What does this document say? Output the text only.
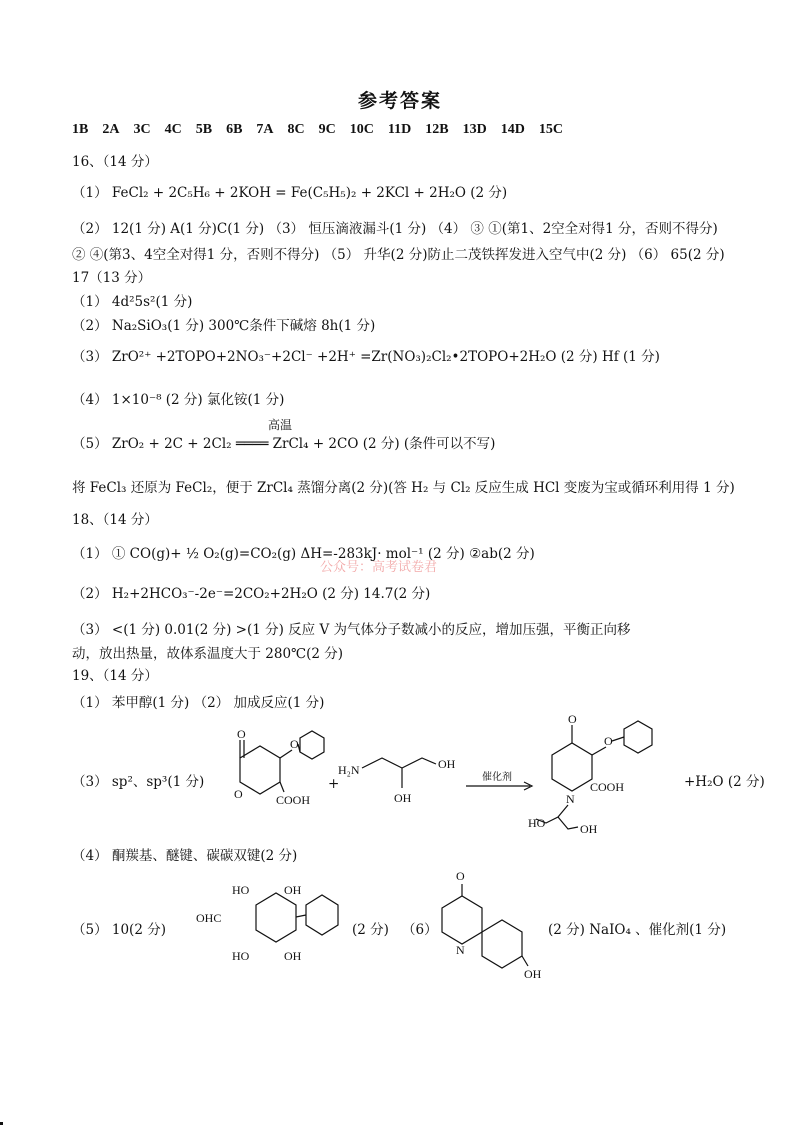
参考答案
1B 2A 3C 4C 5B 6B 7A 8C 9C 10C 11D 12B 13D 14D 15C
16、（14 分）
（1） FeCl₂ + 2C₅H₆ + 2KOH = Fe(C₅H₅)₂ + 2KCl + 2H₂O (2 分)
（2） 12(1 分) A(1 分)C(1 分) （3） 恒压滴液漏斗(1 分) （4） ③ ①(第1、2空全对得1 分，否则不得分)
② ④(第3、4空全对得1 分，否则不得分) （5） 升华(2 分)防止二茂铁挥发进入空气中(2 分) （6） 65(2 分)
17（13 分）
（1） 4d²5s²(1 分)
（2） Na₂SiO₃(1 分) 300℃条件下碱熔 8h(1 分)
（3） ZrO²⁺ +2TOPO+2NO₃⁻+2Cl⁻ +2H⁺ =Zr(NO₃)₂Cl₂•2TOPO+2H₂O (2 分) Hf (1 分)
（4） 1×10⁻⁸ (2 分) 氯化铵(1 分)
高温
（5） ZrO₂ + 2C + 2Cl₂ ════ ZrCl₄ + 2CO (2 分) (条件可以不写)
将 FeCl₃ 还原为 FeCl₂，便于 ZrCl₄ 蒸馏分离(2 分)(答 H₂ 与 Cl₂ 反应生成 HCl 变废为宝或循环利用得 1 分)
18、（14 分）
（1） ① CO(g)+ ½ O₂(g)=CO₂(g) ΔH=-283kJ· mol⁻¹ (2 分) ②ab(2 分)
公众号：高考试卷君
（2） H₂+2HCO₃⁻-2e⁻=2CO₂+2H₂O (2 分) 14.7(2 分)
（3） <(1 分) 0.01(2 分) >(1 分) 反应 V 为气体分子数减小的反应，增加压强，平衡正向移
动，放出热量，故体系温度大于 280℃(2 分)
19、（14 分）
（1） 苯甲醇(1 分) （2） 加成反应(1 分)
（3） sp²、sp³(1 分)
O
O
COOH
O
+
H₂N
OH
OH
催化剂
O
O
N
COOH
HO	OH
+H₂O (2 分)
（4） 酮羰基、醚键、碳碳双键(2 分)
（5） 10(2 分)
HO	OH
OHC
HO	OH
(2 分) （6）
O
N
OH
(2 分) NaIO₄ 、催化剂(1 分)
